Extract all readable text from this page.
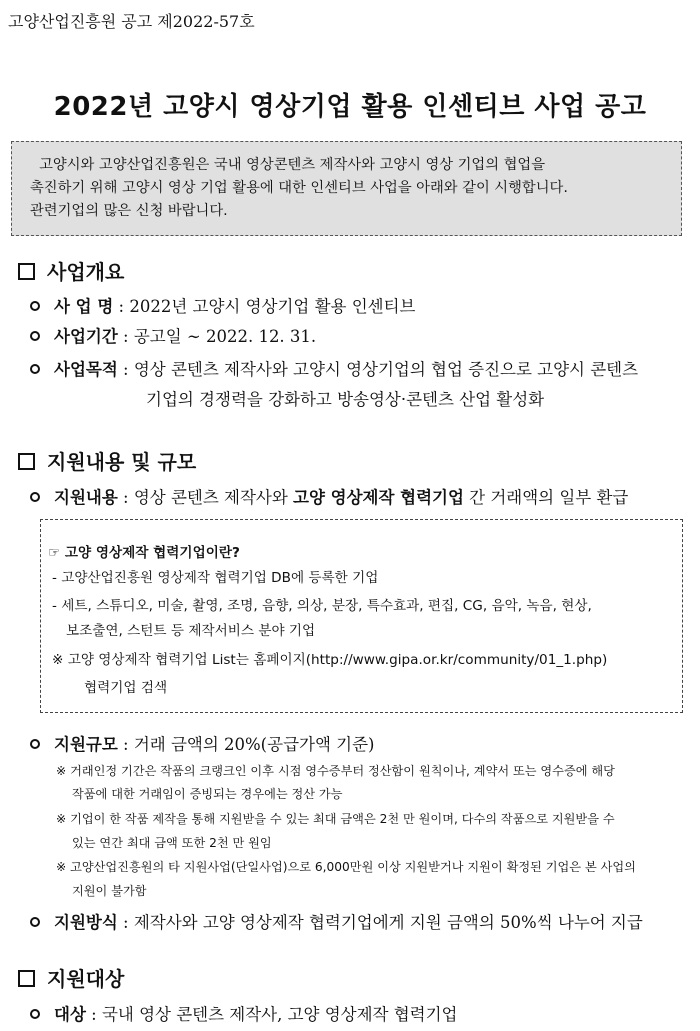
고양산업진흥원 공고 제2022-57호
2022년 고양시 영상기업 활용 인센티브 사업 공고

고양시와 고양산업진흥원은 국내 영상콘텐츠 제작사와 고양시 영상 기업의 협업을

촉진하기 위해 고양시 영상 기업 활용에 대한 인센티브 사업을 아래와 같이 시행합니다.

관련기업의 많은 신청 바랍니다.

사업개요
사 업 명 : 2022년 고양시 영상기업 활용 인센티브
사업기간 : 공고일 ∼ 2022. 12. 31.
사업목적 : 영상 콘텐츠 제작사와 고양시 영상기업의 협업 증진으로 고양시 콘텐츠
기업의 경쟁력을 강화하고 방송영상·콘텐츠 산업 활성화
지원내용 및 규모
지원내용 : 영상 콘텐츠 제작사와 고양 영상제작 협력기업 간 거래액의 일부 환급
☞ 고양 영상제작 협력기업이란?
- 고양산업진흥원 영상제작 협력기업 DB에 등록한 기업
- 세트, 스튜디오, 미술, 촬영, 조명, 음향, 의상, 분장, 특수효과, 편집, CG, 음악, 녹음, 현상,
보조출연, 스턴트 등 제작서비스 분야 기업
※ 고양 영상제작 협력기업 List는 홈페이지(http://www.gipa.or.kr/community/01_1.php)
협력기업 검색
지원규모 : 거래 금액의 20%(공급가액 기준)
※ 거래인정 기간은 작품의 크랭크인 이후 시점 영수증부터 정산함이 원칙이나, 계약서 또는 영수증에 해당
작품에 대한 거래임이 증빙되는 경우에는 정산 가능
※ 기업이 한 작품 제작을 통해 지원받을 수 있는 최대 금액은 2천 만 원이며, 다수의 작품으로 지원받을 수
있는 연간 최대 금액 또한 2천 만 원임
※ 고양산업진흥원의 타 지원사업(단일사업)으로 6,000만원 이상 지원받거나 지원이 확정된 기업은 본 사업의
지원이 불가함
지원방식 : 제작사와 고양 영상제작 협력기업에게 지원 금액의 50%씩 나누어 지급
지원대상
대상 : 국내 영상 콘텐츠 제작사, 고양 영상제작 협력기업
